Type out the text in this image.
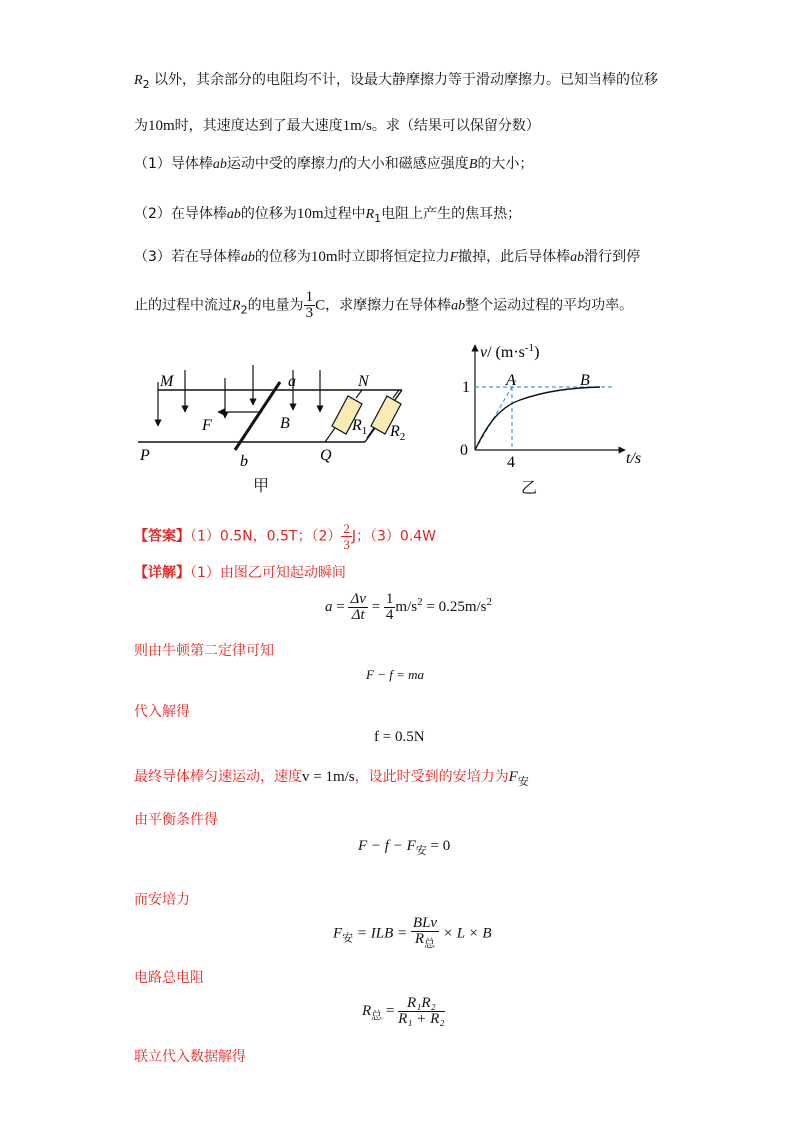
$R_2$ 以外，其余部分的电阻均不计，设最大静摩擦力等于滑动摩擦力。已知当棒的位移
为10m时，其速度达到了最大速度1m/s。求（结果可以保留分数）
（1）导体棒ab运动中受的摩擦力f的大小和磁感应强度B的大小；
（2）在导体棒ab的位移为10m过程中$R_1$电阻上产生的焦耳热；
（3）若在导体棒ab的位移为10m时立即将恒定拉力F撤掉，此后导体棒ab滑行到停
止的过程中流过$R_2$的电量为 $\frac{1}{3}$ C，求摩擦力在导体棒ab整个运动过程的平均功率。
M	a	N
F	B	$R_1$ $R_2$
P	b	Q
甲
v/ $(m\cdot s^{-1})$
1
4
0	t/s
A	B
乙
【答案】（1）0.5N，0.5T；$(2) \frac{2}{3}$ J；（3）0.4W
【详解】（1）由图乙可知起动瞬间
$a = \frac{\Delta v}{\Delta t} = \frac{1}{4} m/s^2 = 0.25m/s^2$
则由牛顿第二定律可知
F − f = ma
代入解得
f = 0.5N
最终导体棒匀速运动，速度v = 1m/s，设此时受到的安培力为$F_安$
由平衡条件得
$F - f - F_安 = 0$
而安培力
$F_安$ = ILB = $\frac{\text{BLv}}{R_总} \times L \times B$
电路总电阻
$R_总 = \frac{\text{R₁R₂}}{\text{R₁ + R₂}}$
联立代入数据解得
